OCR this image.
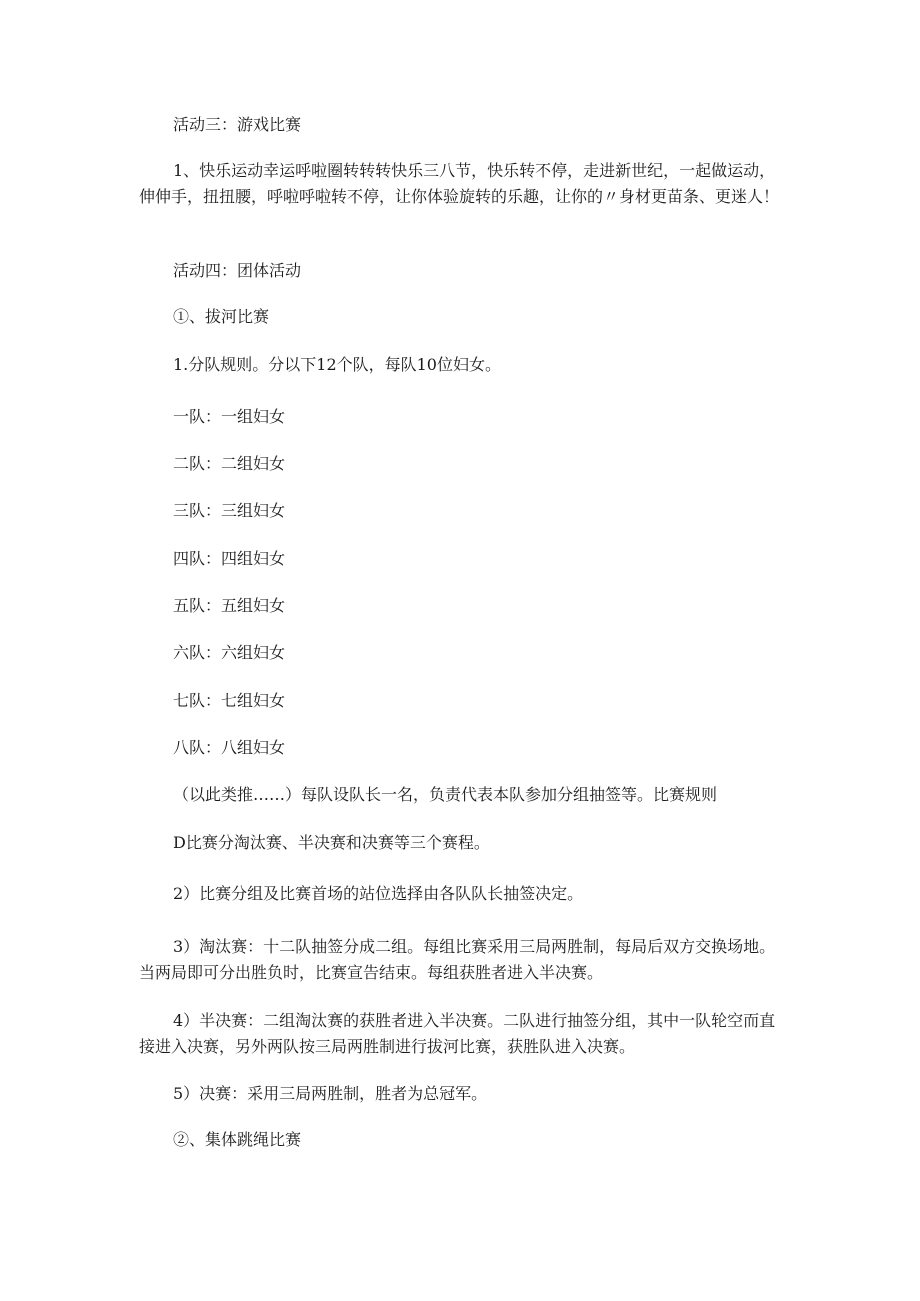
活动三：游戏比赛

1、快乐运动幸运呼啦圈转转转快乐三八节，快乐转不停，走进新世纪，一起做运动，伸伸手，扭扭腰，呼啦呼啦转不停，让你体验旋转的乐趣，让你的〃身材更苗条、更迷人！

活动四：团体活动

①、拔河比赛

1.分队规则。分以下12个队，每队10位妇女。

一队：一组妇女

二队：二组妇女

三队：三组妇女

四队：四组妇女

五队：五组妇女

六队：六组妇女

七队：七组妇女

八队：八组妇女

（以此类推……）每队设队长一名，负责代表本队参加分组抽签等。比赛规则

D比赛分淘汰赛、半决赛和决赛等三个赛程。

2）比赛分组及比赛首场的站位选择由各队队长抽签决定。

3）淘汰赛：十二队抽签分成二组。每组比赛采用三局两胜制，每局后双方交换场地。当两局即可分出胜负时，比赛宣告结束。每组获胜者进入半决赛。

4）半决赛：二组淘汰赛的获胜者进入半决赛。二队进行抽签分组，其中一队轮空而直接进入决赛，另外两队按三局两胜制进行拔河比赛，获胜队进入决赛。

5）决赛：采用三局两胜制，胜者为总冠军。

②、集体跳绳比赛
